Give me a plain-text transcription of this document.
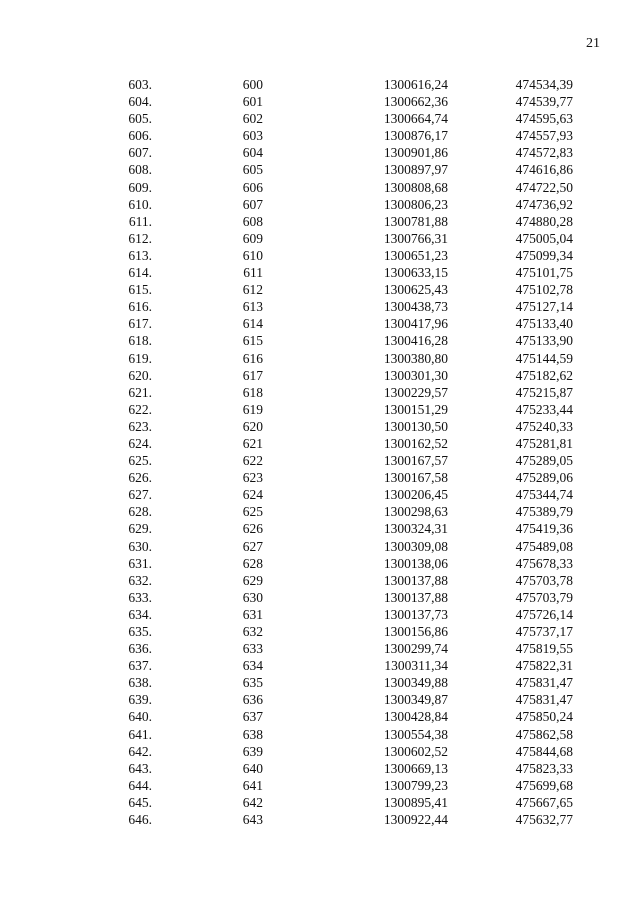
21
603.	600	1300616,24	474534,39	
604.	601	1300662,36	474539,77	
605.	602	1300664,74	474595,63	
606.	603	1300876,17	474557,93	
607.	604	1300901,86	474572,83	
608.	605	1300897,97	474616,86	
609.	606	1300808,68	474722,50	
610.	607	1300806,23	474736,92	
611.	608	1300781,88	474880,28	
612.	609	1300766,31	475005,04	
613.	610	1300651,23	475099,34	
614.	611	1300633,15	475101,75	
615.	612	1300625,43	475102,78	
616.	613	1300438,73	475127,14	
617.	614	1300417,96	475133,40	
618.	615	1300416,28	475133,90	
619.	616	1300380,80	475144,59	
620.	617	1300301,30	475182,62	
621.	618	1300229,57	475215,87	
622.	619	1300151,29	475233,44	
623.	620	1300130,50	475240,33	
624.	621	1300162,52	475281,81	
625.	622	1300167,57	475289,05	
626.	623	1300167,58	475289,06	
627.	624	1300206,45	475344,74	
628.	625	1300298,63	475389,79	
629.	626	1300324,31	475419,36	
630.	627	1300309,08	475489,08	
631.	628	1300138,06	475678,33	
632.	629	1300137,88	475703,78	
633.	630	1300137,88	475703,79	
634.	631	1300137,73	475726,14	
635.	632	1300156,86	475737,17	
636.	633	1300299,74	475819,55	
637.	634	1300311,34	475822,31	
638.	635	1300349,88	475831,47	
639.	636	1300349,87	475831,47	
640.	637	1300428,84	475850,24	
641.	638	1300554,38	475862,58	
642.	639	1300602,52	475844,68	
643.	640	1300669,13	475823,33	
644.	641	1300799,23	475699,68	
645.	642	1300895,41	475667,65	
646.	643	1300922,44	475632,77	
